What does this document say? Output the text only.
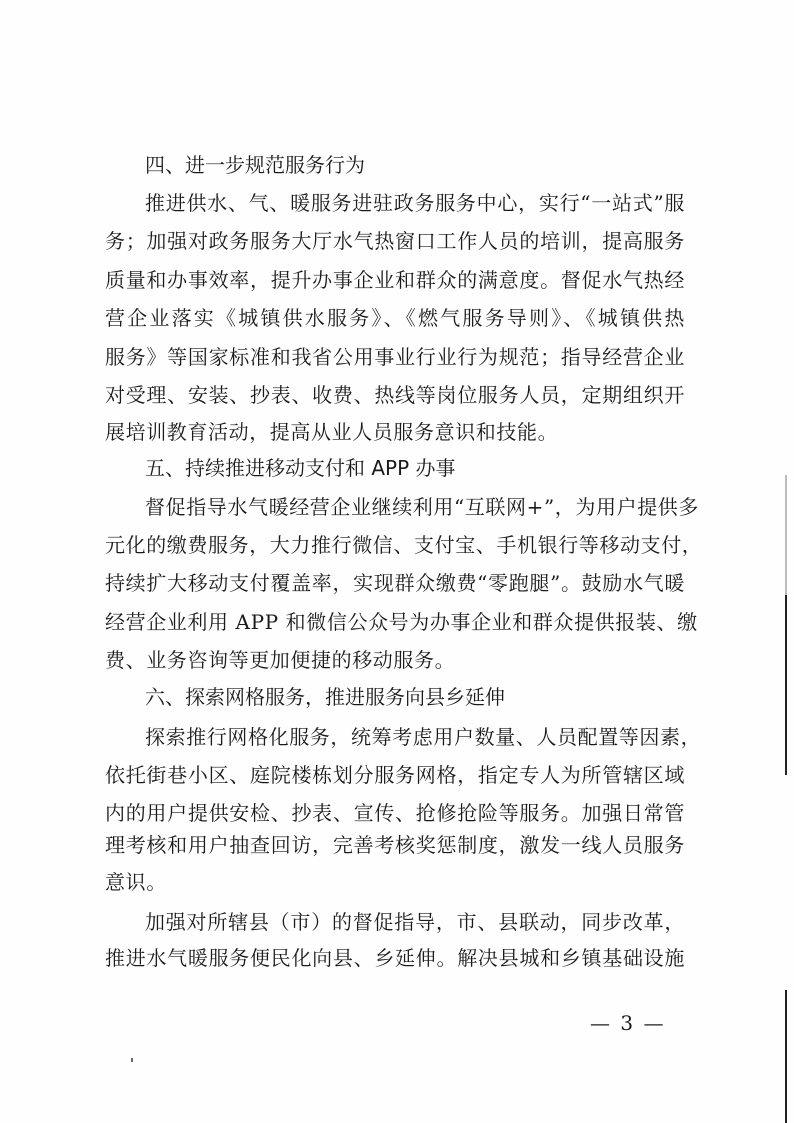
四、进一步规范服务行为
推进供水、气、暖服务进驻政务服务中心，实行“一站式”服
务；加强对政务服务大厅水气热窗口工作人员的培训，提高服务
质量和办事效率，提升办事企业和群众的满意度。督促水气热经
营企业落实《城镇供水服务》、《燃气服务导则》、《城镇供热
服务》等国家标准和我省公用事业行业行为规范；指导经营企业
对受理、安装、抄表、收费、热线等岗位服务人员，定期组织开
展培训教育活动，提高从业人员服务意识和技能。
五、持续推进移动支付和 APP 办事
督促指导水气暖经营企业继续利用“互联网+”，为用户提供多
元化的缴费服务，大力推行微信、支付宝、手机银行等移动支付，
持续扩大移动支付覆盖率，实现群众缴费“零跑腿”。鼓励水气暖
经营企业利用 APP 和微信公众号为办事企业和群众提供报装、缴
费、业务咨询等更加便捷的移动服务。
六、探索网格服务，推进服务向县乡延伸
探索推行网格化服务，统筹考虑用户数量、人员配置等因素，
依托街巷小区、庭院楼栋划分服务网格，指定专人为所管辖区域
内的用户提供安检、抄表、宣传、抢修抢险等服务。加强日常管
理考核和用户抽查回访，完善考核奖惩制度，激发一线人员服务
意识。
加强对所辖县（市）的督促指导，市、县联动，同步改革，
推进水气暖服务便民化向县、乡延伸。解决县城和乡镇基础设施
— 3 —
